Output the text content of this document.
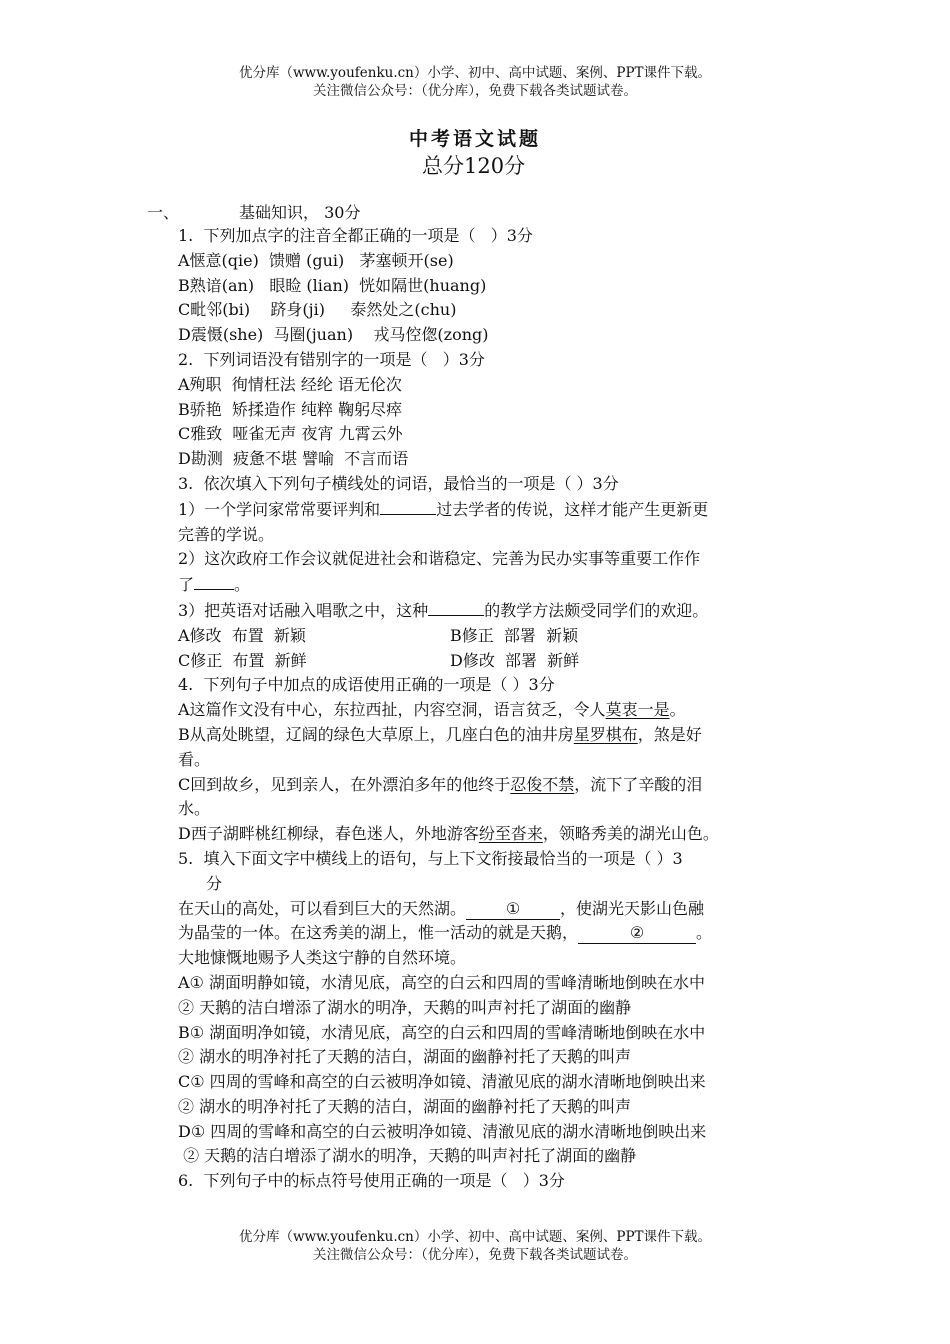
优分库（www.youfenku.cn）小学、初中、高中试题、案例、PPT课件下载。
关注微信公众号：（优分库），免费下载各类试题试卷。
中考语文试题
总分120分
一、	基础知识， 30分
1.  下列加点字的注音全都正确的一项是（   ）3分
A惬意(qie)  馈赠 (gui)   茅塞顿开(se)
B熟谙(an)   眼睑 (lian)  恍如隔世(huang)
C毗邻(bi)    跻身(ji)     泰然处之(chu)
D震慑(she)  马圈(juan)    戎马倥偬(zong)
2.  下列词语没有错别字的一项是（   ）3分
A殉职  徇情枉法 经纶 语无伦次
B骄艳  矫揉造作 纯粹 鞠躬尽瘁
C雅致  哑雀无声 夜宵 九霄云外
D勘测  疲惫不堪 譬喻  不言而语
3.  依次填入下列句子横线处的词语，最恰当的一项是（ ）3分
1）一个学问家常常要评判和	过去学者的传说，这样才能产生更新更
完善的学说。
2）这次政府工作会议就促进社会和谐稳定、完善为民办实事等重要工作作
了	。
3）把英语对话融入唱歌之中，这种	的教学方法颇受同学们的欢迎。
A修改  布置  新颖	B修正  部署  新颖
C修正  布置  新鲜	D修改  部署  新鲜
4.  下列句子中加点的成语使用正确的一项是（ ）3分
A这篇作文没有中心，东拉西扯，内容空洞，语言贫乏，令人莫衷一是。
B从高处眺望，辽阔的绿色大草原上，几座白色的油井房星罗棋布，煞是好
看。
C回到故乡，见到亲人，在外漂泊多年的他终于忍俊不禁，流下了辛酸的泪
水。
D西子湖畔桃红柳绿，春色迷人，外地游客纷至沓来，领略秀美的湖光山色。
5.  填入下面文字中横线上的语句，与上下文衔接最恰当的一项是（ ）3
分
在天山的高处，可以看到巨大的天然湖。 ① ，使湖光天影山色融
为晶莹的一体。在这秀美的湖上，惟一活动的就是天鹅，	②	。
大地慷慨地赐予人类这宁静的自然环境。
A① 湖面明静如镜，水清见底，高空的白云和四周的雪峰清晰地倒映在水中
② 天鹅的洁白增添了湖水的明净，天鹅的叫声衬托了湖面的幽静
B① 湖面明净如镜，水清见底，高空的白云和四周的雪峰清晰地倒映在水中
② 湖水的明净衬托了天鹅的洁白，湖面的幽静衬托了天鹅的叫声
C① 四周的雪峰和高空的白云被明净如镜、清澈见底的湖水清晰地倒映出来
② 湖水的明净衬托了天鹅的洁白，湖面的幽静衬托了天鹅的叫声
D① 四周的雪峰和高空的白云被明净如镜、清澈见底的湖水清晰地倒映出来
② 天鹅的洁白增添了湖水的明净，天鹅的叫声衬托了湖面的幽静
6.  下列句子中的标点符号使用正确的一项是（   ）3分
优分库（www.youfenku.cn）小学、初中、高中试题、案例、PPT课件下载。
关注微信公众号：（优分库），免费下载各类试题试卷。
